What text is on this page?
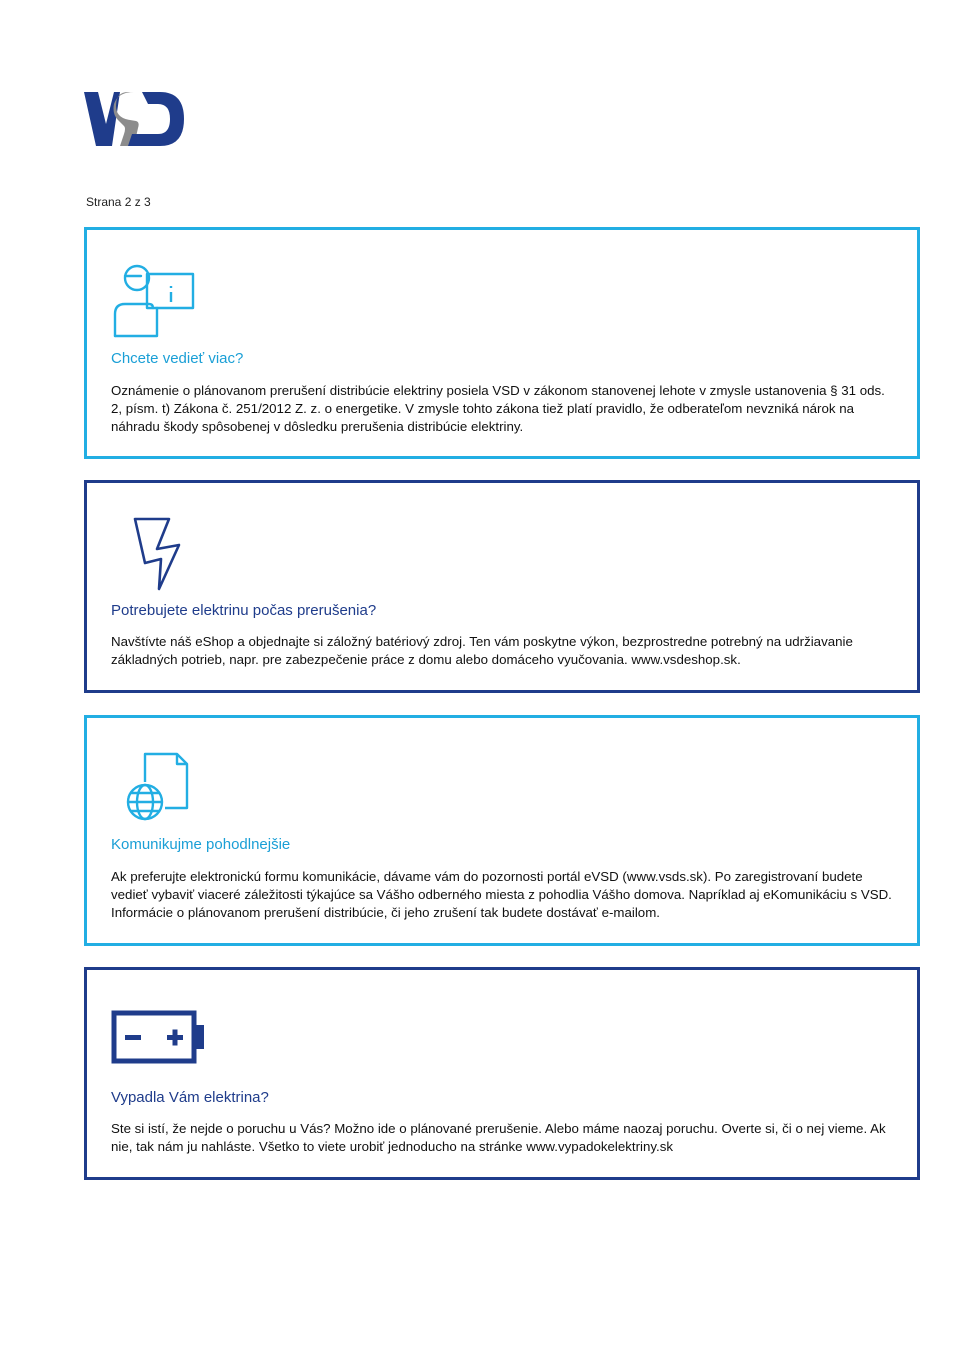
Strana 2 z 3
Chcete vedieť viac?

Oznámenie o plánovanom prerušení distribúcie elektriny posiela VSD v zákonom stanovenej lehote v zmysle ustanovenia § 31 ods. 2, písm. t) Zákona č. 251/2012 Z. z. o energetike. V zmysle tohto zákona tiež platí pravidlo, že odberateľom nevzniká nárok na náhradu škody spôsobenej v dôsledku prerušenia distribúcie elektriny.

Potrebujete elektrinu počas prerušenia?

Navštívte náš eShop a objednajte si záložný batériový zdroj. Ten vám poskytne výkon, bezprostredne potrebný na udržiavanie základných potrieb, napr. pre zabezpečenie práce z domu alebo domáceho vyučovania. www.vsdeshop.sk.

Komunikujme pohodlnejšie

Ak preferujte elektronickú formu komunikácie, dávame vám do pozornosti portál eVSD (www.vsds.sk). Po zaregistrovaní budete vedieť vybaviť viaceré záležitosti týkajúce sa Vášho odberného miesta z pohodlia Vášho domova. Napríklad aj eKomunikáciu s VSD. Informácie o plánovanom prerušení distribúcie, či jeho zrušení tak budete dostávať e-mailom.

Vypadla Vám elektrina?

Ste si istí, že nejde o poruchu u Vás? Možno ide o plánované prerušenie. Alebo máme naozaj poruchu. Overte si, či o nej vieme. Ak nie, tak nám ju nahláste. Všetko to viete urobiť jednoducho na stránke www.vypadokelektriny.sk
